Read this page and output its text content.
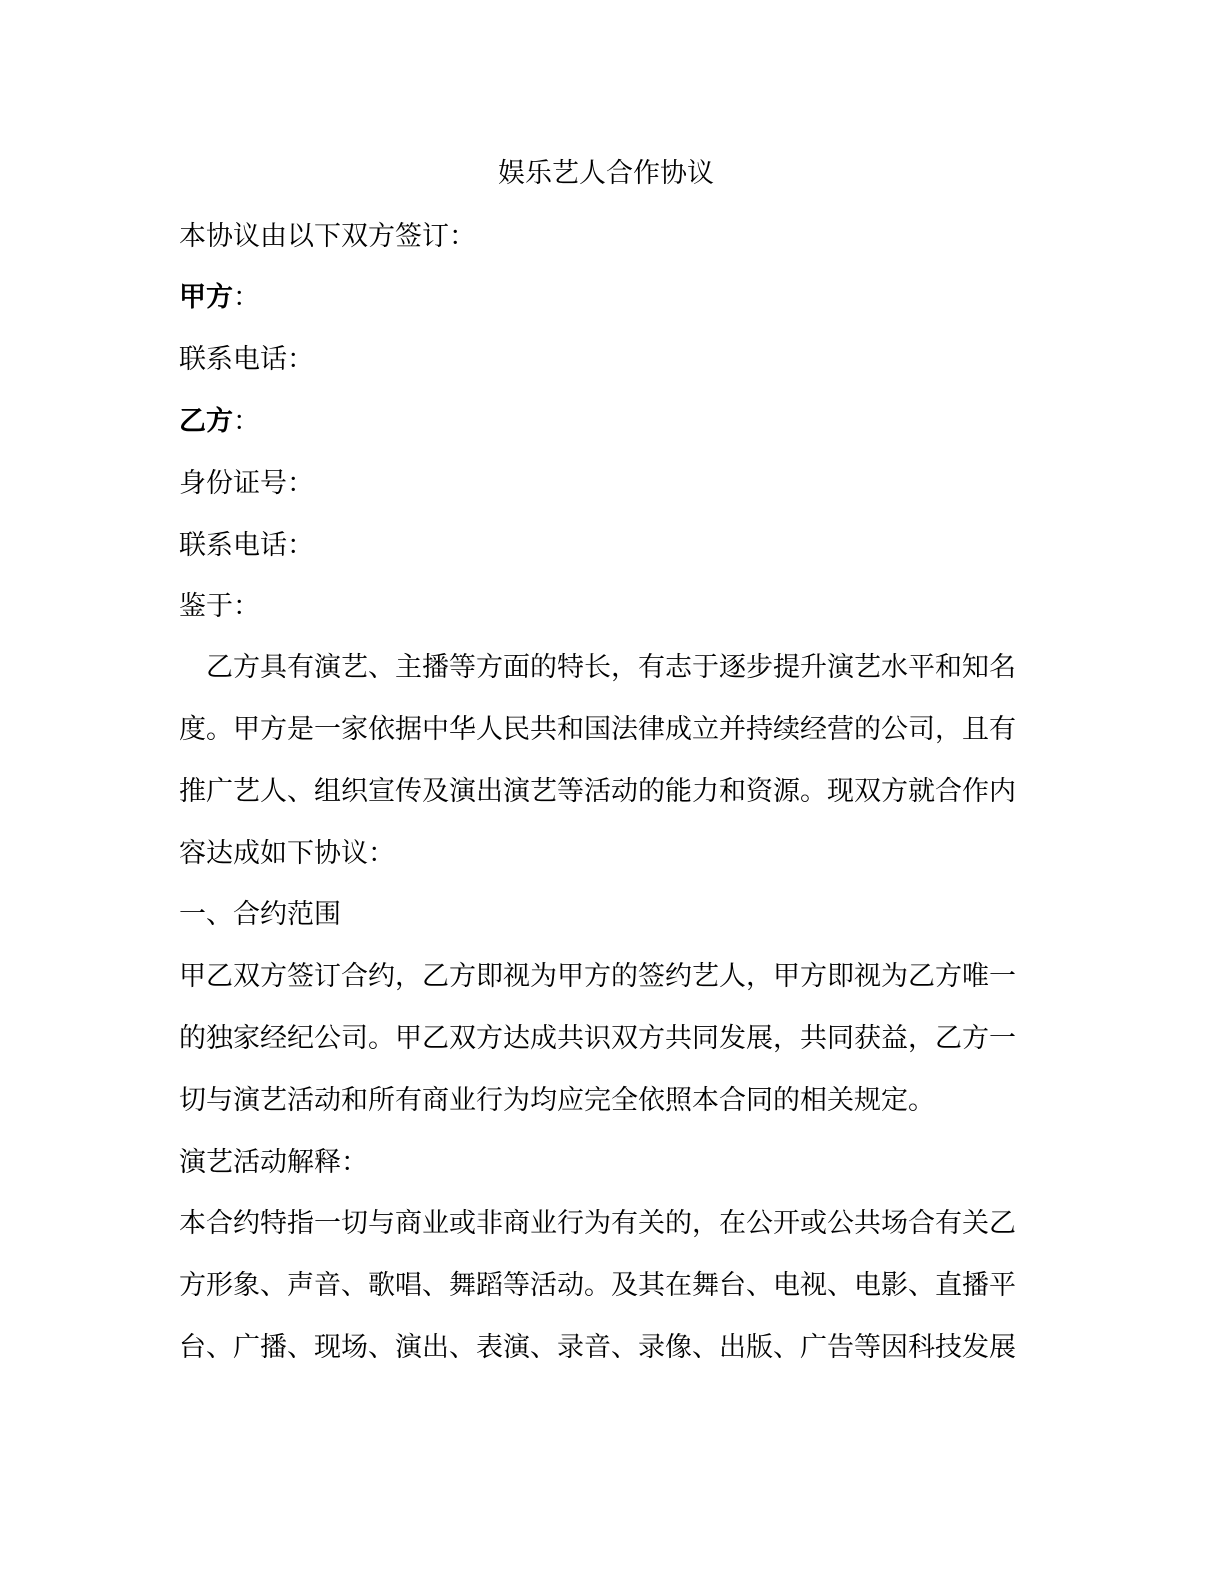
娱乐艺人合作协议
本协议由以下双方签订：
甲方：
联系电话：
乙方：
身份证号：
联系电话：
鉴于：
　乙方具有演艺、主播等方面的特长，有志于逐步提升演艺水平和知名
度。甲方是一家依据中华人民共和国法律成立并持续经营的公司，且有
推广艺人、组织宣传及演出演艺等活动的能力和资源。现双方就合作内
容达成如下协议：
一、合约范围
甲乙双方签订合约，乙方即视为甲方的签约艺人，甲方即视为乙方唯一
的独家经纪公司。甲乙双方达成共识双方共同发展，共同获益，乙方一
切与演艺活动和所有商业行为均应完全依照本合同的相关规定。
演艺活动解释：
本合约特指一切与商业或非商业行为有关的，在公开或公共场合有关乙
方形象、声音、歌唱、舞蹈等活动。及其在舞台、电视、电影、直播平
台、广播、现场、演出、表演、录音、录像、出版、广告等因科技发展
